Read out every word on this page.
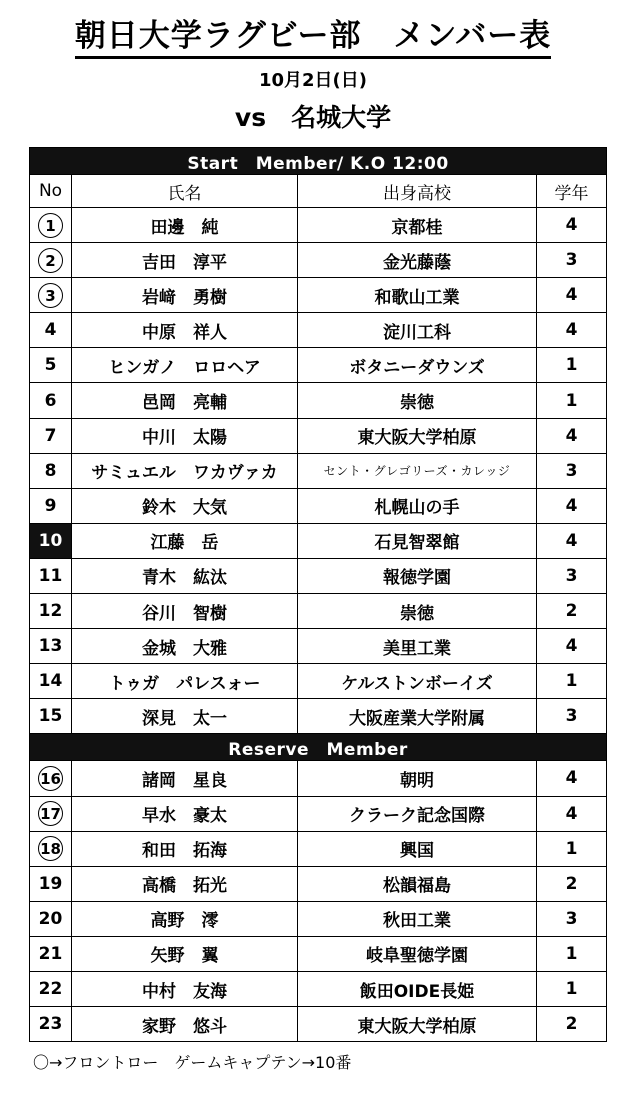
朝日大学ラグビー部　メンバー表
10月2日(日)
vs　名城大学
Start　Member/ K.O 12:00			
No	氏名	出身高校	学年
1	田邊　純	京都桂	4
2	吉田　淳平	金光藤蔭	3
3	岩﨑　勇樹	和歌山工業	4
4	中原　祥人	淀川工科	4
5	ヒンガノ　ロロヘア	ボタニーダウンズ	1
6	邑岡　亮輔	崇徳	1
7	中川　太陽	東大阪大学柏原	4
8	サミュエル　ワカヴァカ	セント・グレゴリーズ・カレッジ	3
9	鈴木　大気	札幌山の手	4
10	江藤　岳	石見智翠館	4
11	青木　紘汰	報徳学園	3
12	谷川　智樹	崇徳	2
13	金城　大雅	美里工業	4
14	トゥガ　パレスォー	ケルストンボーイズ	1
15	深見　太一	大阪産業大学附属	3
Reserve　Member			
16	諸岡　星良	朝明	4
17	早水　豪太	クラーク記念国際	4
18	和田　拓海	興国	1
19	高橋　拓光	松韻福島	2
20	高野　澪	秋田工業	3
21	矢野　翼	岐阜聖徳学園	1
22	中村　友海	飯田OIDE長姫	1
23	家野　悠斗	東大阪大学柏原	2
〇→フロントロー　ゲームキャプテン→10番
